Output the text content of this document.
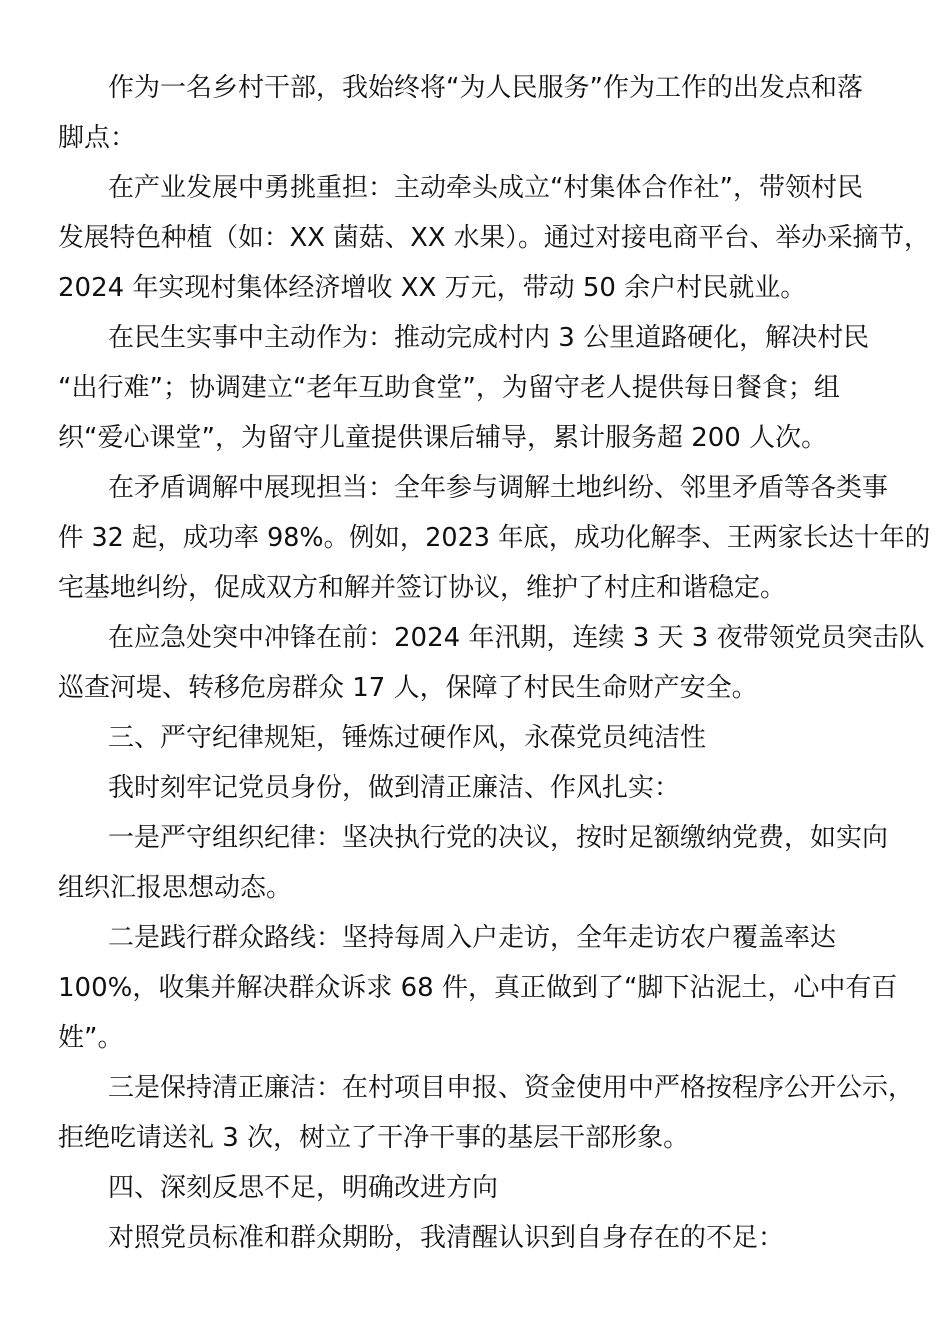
作为一名乡村干部，我始终将“为人民服务”作为工作的出发点和落
脚点：
在产业发展中勇挑重担：主动牵头成立“村集体合作社”，带领村民
发展特色种植（如：XX 菌菇、XX 水果）。通过对接电商平台、举办采摘节，
2024 年实现村集体经济增收 XX 万元，带动 50 余户村民就业。
在民生实事中主动作为：推动完成村内 3 公里道路硬化，解决村民
“出行难”；协调建立“老年互助食堂”，为留守老人提供每日餐食；组
织“爱心课堂”，为留守儿童提供课后辅导，累计服务超 200 人次。
在矛盾调解中展现担当：全年参与调解土地纠纷、邻里矛盾等各类事
件 32 起，成功率 98%。例如，2023 年底，成功化解李、王两家长达十年的
宅基地纠纷，促成双方和解并签订协议，维护了村庄和谐稳定。
在应急处突中冲锋在前：2024 年汛期，连续 3 天 3 夜带领党员突击队
巡查河堤、转移危房群众 17 人，保障了村民生命财产安全。
三、严守纪律规矩，锤炼过硬作风，永葆党员纯洁性
我时刻牢记党员身份，做到清正廉洁、作风扎实：
一是严守组织纪律：坚决执行党的决议，按时足额缴纳党费，如实向
组织汇报思想动态。
二是践行群众路线：坚持每周入户走访，全年走访农户覆盖率达
100%，收集并解决群众诉求 68 件，真正做到了“脚下沾泥土，心中有百
姓”。
三是保持清正廉洁：在村项目申报、资金使用中严格按程序公开公示，
拒绝吃请送礼 3 次，树立了干净干事的基层干部形象。
四、深刻反思不足，明确改进方向
对照党员标准和群众期盼，我清醒认识到自身存在的不足：
